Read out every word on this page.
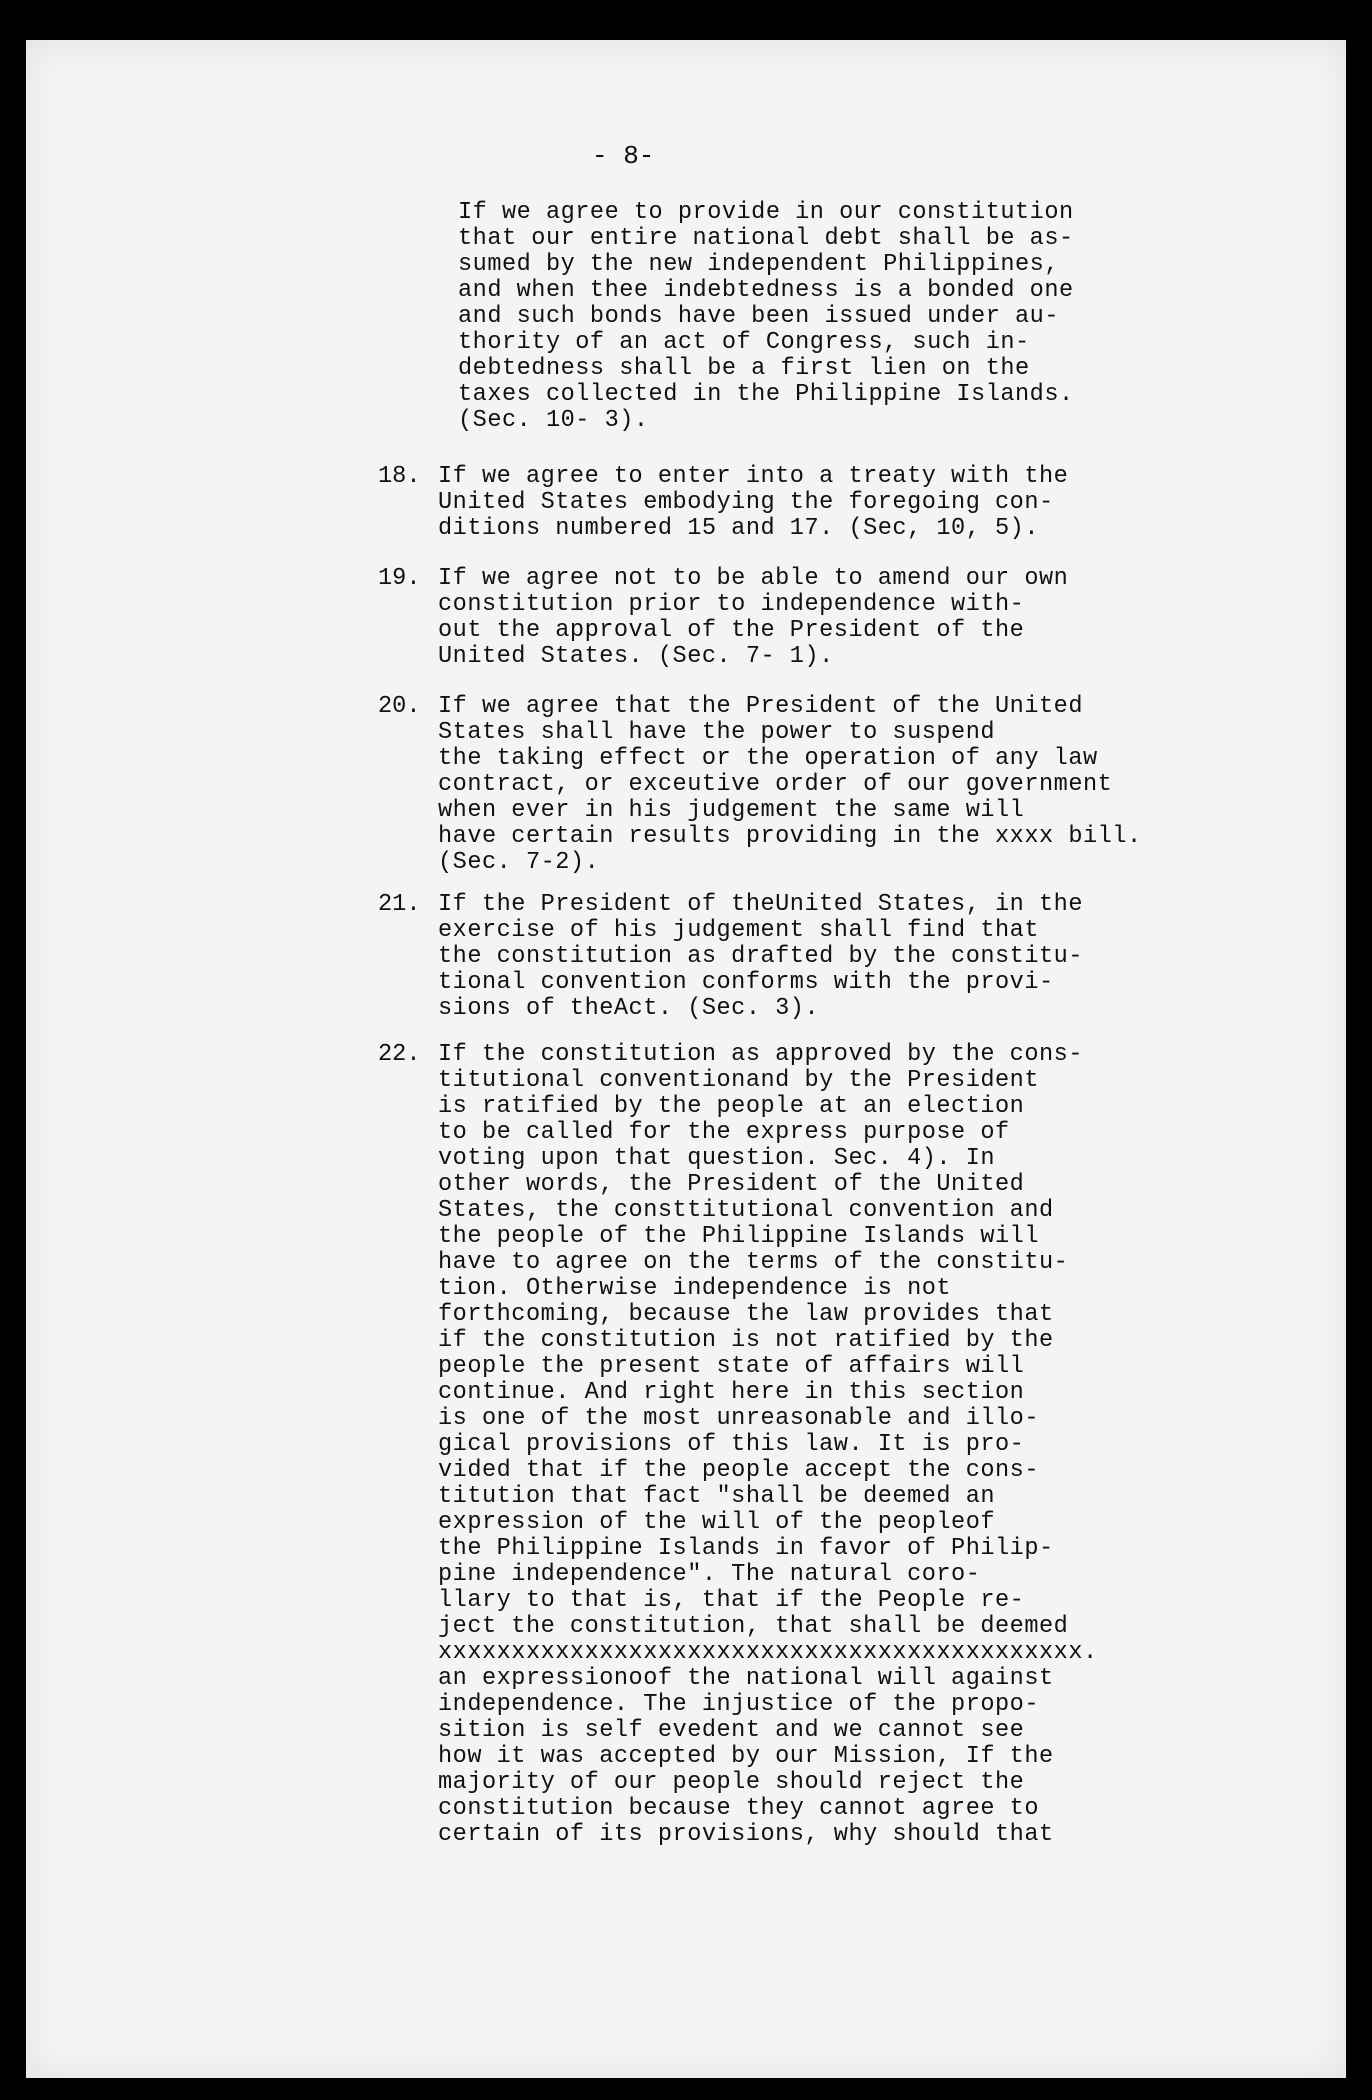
- 8-
If we agree to provide in our constitution
that our entire national debt shall be as-
sumed by the new independent Philippines,
and when thee indebtedness is a bonded one
and such bonds have been issued under au-
thority of an act of Congress, such in-
debtedness shall be a first lien on the
taxes collected in the Philippine Islands.
(Sec. 10- 3).
18. If we agree to enter into a treaty with the
United States embodying the foregoing con-
ditions numbered 15 and 17. (Sec, 10, 5).
19. If we agree not to be able to amend our own
constitution prior to independence with-
out the approval of the President of the
United States. (Sec. 7- 1).
20. If we agree that the President of the United
States shall have the power to suspend
the taking effect or the operation of any law
contract, or exceutive order of our government
when ever in his judgement the same will
have certain results providing in the xxxx bill.
(Sec. 7-2).
21. If the President of theUnited States, in the
exercise of his judgement shall find that
the constitution as drafted by the constitu-
tional convention conforms with the provi-
sions of theAct. (Sec. 3).
22. If the constitution as approved by the cons-
titutional conventionand by the President
is ratified by the people at an election
to be called for the express purpose of
voting upon that question. Sec. 4). In
other words, the President of the United
States, the consttitutional convention and
the people of the Philippine Islands will
have to agree on the terms of the constitu-
tion. Otherwise independence is not
forthcoming, because the law provides that
if the constitution is not ratified by the
people the present state of affairs will
continue. And right here in this section
is one of the most unreasonable and illo-
gical provisions of this law. It is pro-
vided that if the people accept the cons-
titution that fact "shall be deemed an
expression of the will of the peopleof
the Philippine Islands in favor of Philip-
pine independence". The natural coro-
llary to that is, that if the People re-
ject the constitution, that shall be deemed
xxxxxxxxxxxxxxxxxxxxxxxxxxxxxxxxxxxxxxxxxxxx.
an expressionoof the national will against
independence. The injustice of the propo-
sition is self evedent and we cannot see
how it was accepted by our Mission, If the
majority of our people should reject the
constitution because they cannot agree to
certain of its provisions, why should that
